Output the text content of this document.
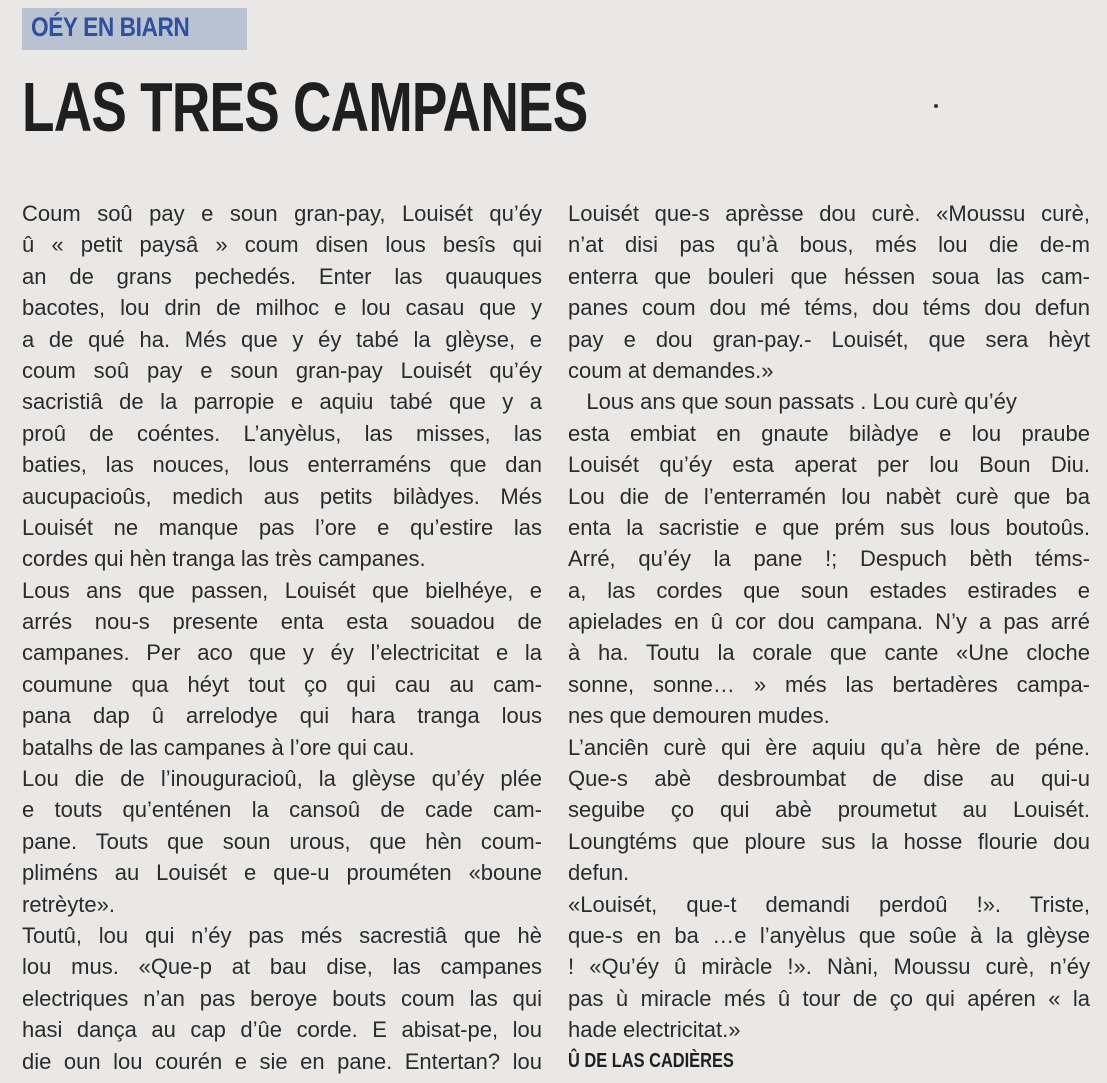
OÉY EN BIARN
LAS TRES CAMPANES
Coum soû pay e soun gran-pay, Louisét qu’éy
û « petit paysâ » coum disen lous besîs qui
an de grans pechedés. Enter las quauques
bacotes, lou drin de milhoc e lou casau que y
a de qué ha. Més que y éy tabé la glèyse, e
coum soû pay e soun gran-pay Louisét qu’éy
sacristiâ de la parropie e aquiu tabé que y a
proû de coéntes. L’anyèlus, las misses, las
baties, las nouces, lous enterraméns que dan
aucupacioûs, medich aus petits bilàdyes. Més
Louisét ne manque pas l’ore e qu’estire las
cordes qui hèn tranga las très campanes.
Lous ans que passen, Louisét que bielhéye, e
arrés nou-s presente enta esta souadou de
campanes. Per aco que y éy l’electricitat e la
coumune qua héyt tout ço qui cau au cam-
pana dap û arrelodye qui hara tranga lous
batalhs de las campanes à l’ore qui cau.
Lou die de l’inouguracioû, la glèyse qu’éy plée
e touts qu’enténen la cansoû de cade cam-
pane. Touts que soun urous, que hèn coum-
pliméns au Louisét e que-u prouméten «boune
retrèyte».
Toutû, lou qui n’éy pas més sacrestiâ que hè
lou mus. «Que-p at bau dise, las campanes
electriques n’an pas beroye bouts coum las qui
hasi dança au cap d’ûe corde. E abisat-pe, lou
die oun lou courén e sie en pane. Entertan? lou
Louisét que-s aprèsse dou curè. «Moussu curè,
n’at disi pas qu’à bous, més lou die de-m
enterra que bouleri que héssen soua las cam-
panes coum dou mé téms, dou téms dou defun
pay e dou gran-pay.- Louisét, que sera hèyt
coum at demandes.»
Lous ans que soun passats . Lou curè qu’éy
esta embiat en gnaute bilàdye e lou praube
Louisét qu’éy esta aperat per lou Boun Diu.
Lou die de l’enterramén lou nabèt curè que ba
enta la sacristie e que prém sus lous boutoûs.
Arré, qu’éy la pane !; Despuch bèth téms-
a, las cordes que soun estades estirades e
apielades en û cor dou campana. N’y a pas arré
à ha. Toutu la corale que cante «Une cloche
sonne, sonne… » més las bertadères campa-
nes que demouren mudes.
L’anciên curè qui ère aquiu qu’a hère de péne.
Que-s abè desbroumbat de dise au qui-u
seguibe ço qui abè proumetut au Louisét.
Loungtéms que ploure sus la hosse flourie dou
defun.
«Louisét, que-t demandi perdoû !». Triste,
que-s en ba …e l’anyèlus que soûe à la glèyse
! «Qu’éy û miràcle !». Nàni, Moussu curè, n’éy
pas ù miracle més û tour de ço qui apéren « la
hade electricitat.»
Û DE LAS CADIÈRES
